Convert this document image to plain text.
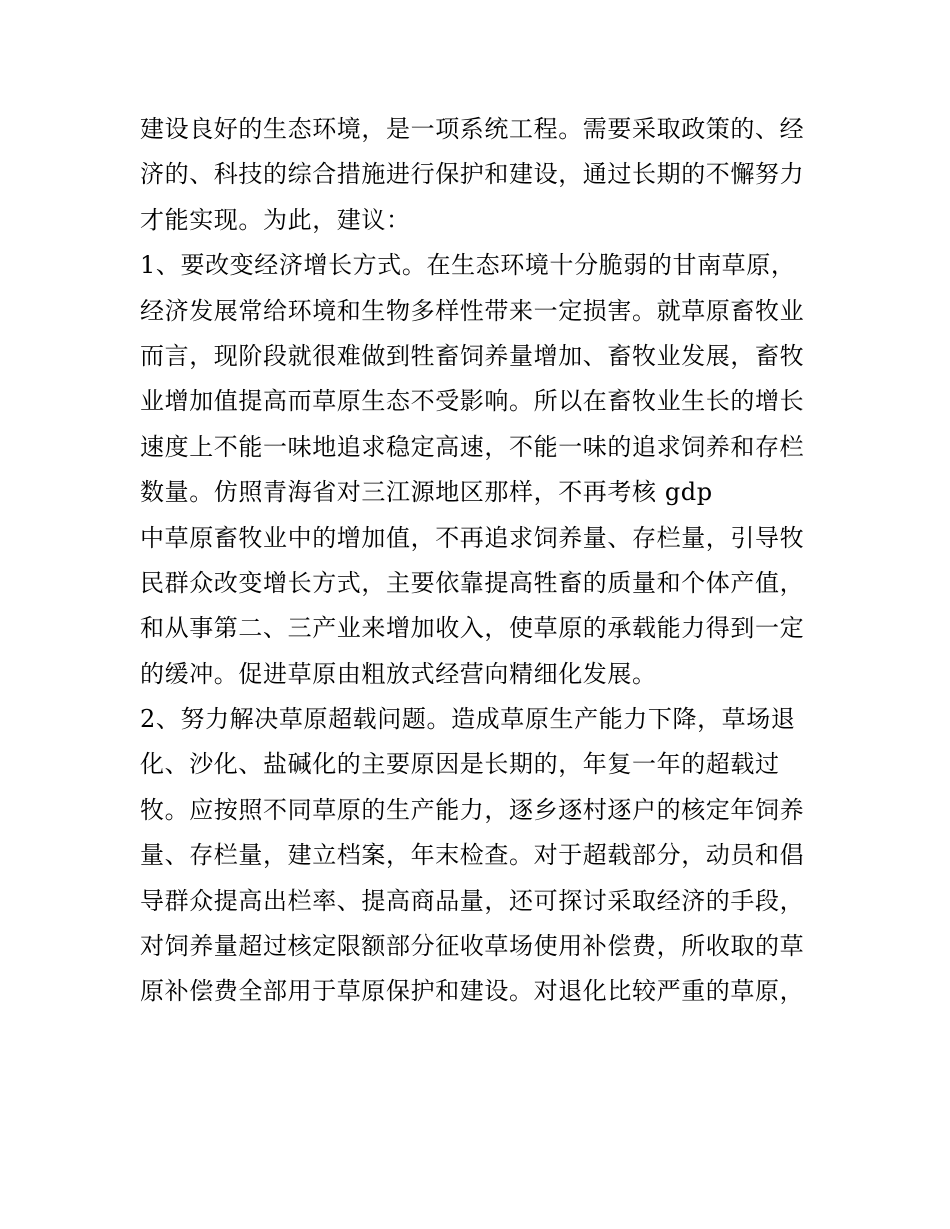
建设良好的生态环境，是一项系统工程。需要采取政策的、经
济的、科技的综合措施进行保护和建设，通过长期的不懈努力
才能实现。为此，建议：
1、要改变经济增长方式。在生态环境十分脆弱的甘南草原，
经济发展常给环境和生物多样性带来一定损害。就草原畜牧业
而言，现阶段就很难做到牲畜饲养量增加、畜牧业发展，畜牧
业增加值提高而草原生态不受影响。所以在畜牧业生长的增长
速度上不能一味地追求稳定高速，不能一味的追求饲养和存栏
数量。仿照青海省对三江源地区那样，不再考核 gdp
中草原畜牧业中的增加值，不再追求饲养量、存栏量，引导牧
民群众改变增长方式，主要依靠提高牲畜的质量和个体产值，
和从事第二、三产业来增加收入，使草原的承载能力得到一定
的缓冲。促进草原由粗放式经营向精细化发展。
2、努力解决草原超载问题。造成草原生产能力下降，草场退
化、沙化、盐碱化的主要原因是长期的，年复一年的超载过
牧。应按照不同草原的生产能力，逐乡逐村逐户的核定年饲养
量、存栏量，建立档案，年末检查。对于超载部分，动员和倡
导群众提高出栏率、提高商品量，还可探讨采取经济的手段，
对饲养量超过核定限额部分征收草场使用补偿费，所收取的草
原补偿费全部用于草原保护和建设。对退化比较严重的草原，
